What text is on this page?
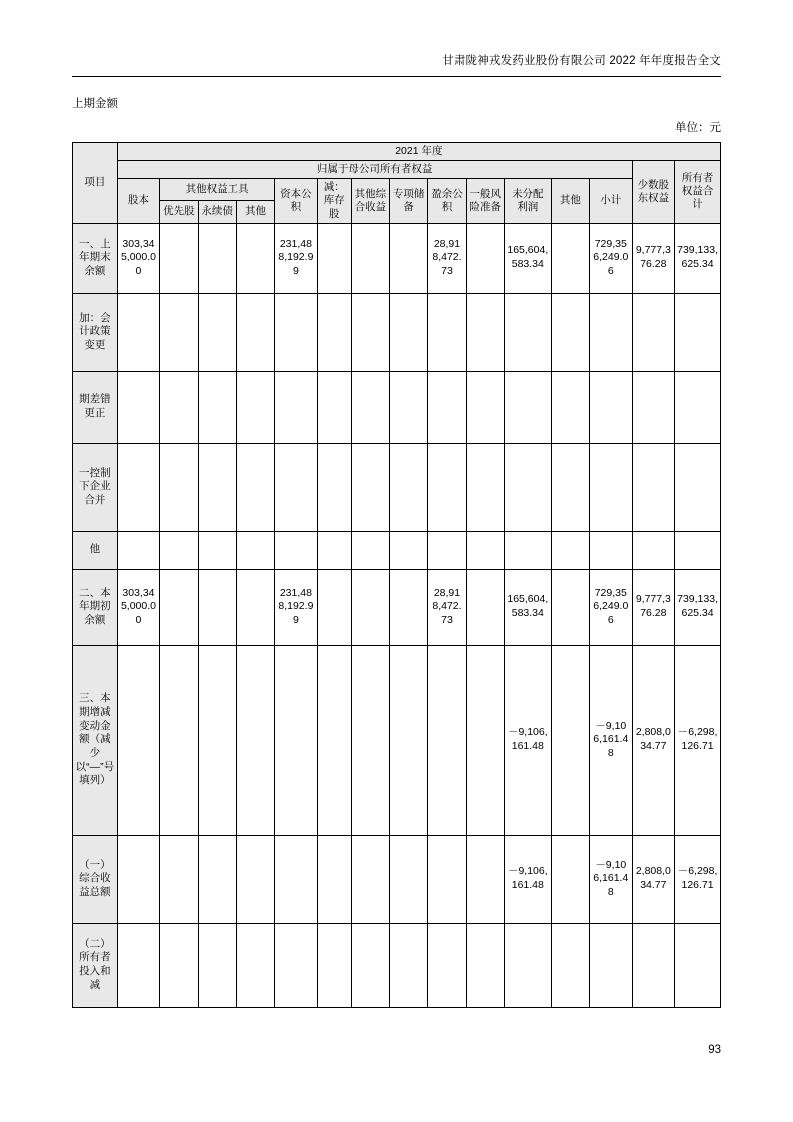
甘肃陇神戎发药业股份有限公司 2022 年年度报告全文
上期金额
单位：元
项目	2021 年度														
	归属于母公司所有者权益													少数股东权益	所有者权益合计
	股本	其他权益工具			资本公积	减：库存股	其他综合收益	专项储备	盈余公积	一般风险准备	未分配利润	其他	小计		
		优先股	永续债	其他											
一、上年期末余额	303,345,000.00				231,488,192.99				28,918,472.73		165,604,583.34		729,356,249.06	9,777,376.28	739,133,625.34
加：会计政策变更															
期差错更正															
一控制下企业合并															
他															
二、本年期初余额	303,345,000.00				231,488,192.99				28,918,472.73		165,604,583.34		729,356,249.06	9,777,376.28	739,133,625.34
三、本期增减变动金额（减少以“—”号填列）											－9,106,161.48		－9,106,161.48	2,808,034.77	－6,298,126.71
（一）综合收益总额											－9,106,161.48		－9,106,161.48	2,808,034.77	－6,298,126.71
（二）所有者投入和减															
93
